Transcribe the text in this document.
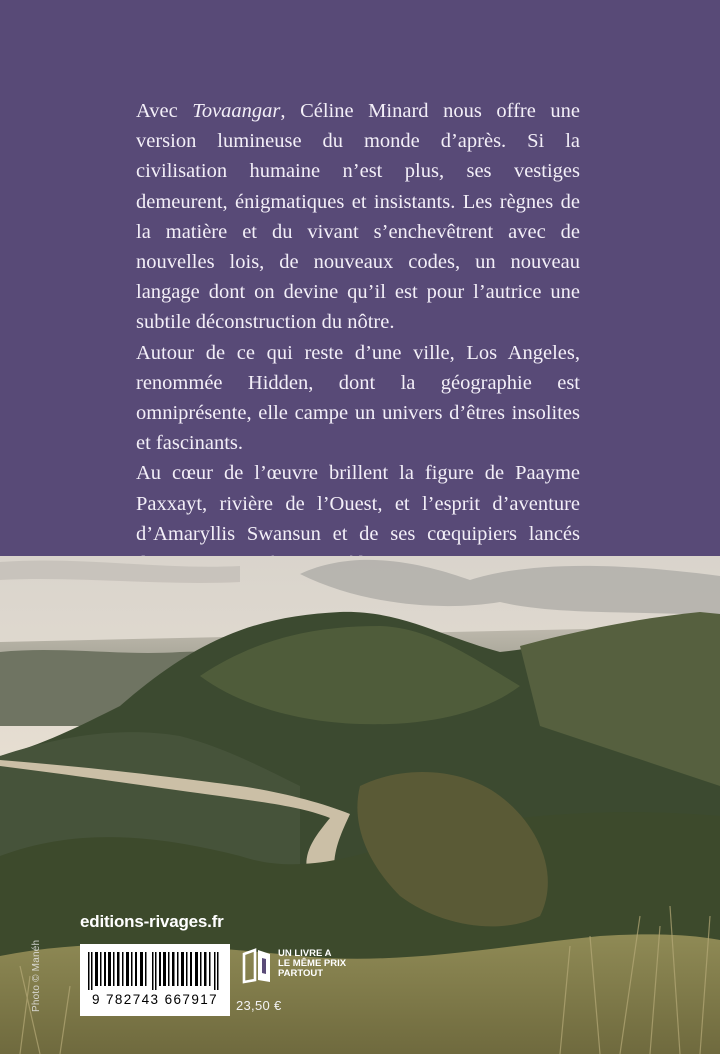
Avec Tovaangar, Céline Minard nous offre une version lumineuse du monde d’après. Si la civilisation humaine n’est plus, ses vestiges demeurent, énigmatiques et insistants. Les règnes de la matière et du vivant s’enchevêtrent avec de nouvelles lois, de nouveaux codes, un nouveau langage dont on devine qu’il est pour l’autrice une subtile déconstruction du nôtre.

Autour de ce qui reste d’une ville, Los Angeles, renommée Hidden, dont la géographie est omniprésente, elle campe un univers d’êtres insolites et fascinants.

Au cœur de l’œuvre brillent la figure de Paayme Paxxayt, rivière de l’Ouest, et l’esprit d’aventure d’Amaryllis Swansun et de ses cœquipiers lancés

Photo © Manéh
editions-rivages.fr
9 782743 667917	23,50 €
UN LIVRE A
LE MÊME PRIX
PARTOUT
